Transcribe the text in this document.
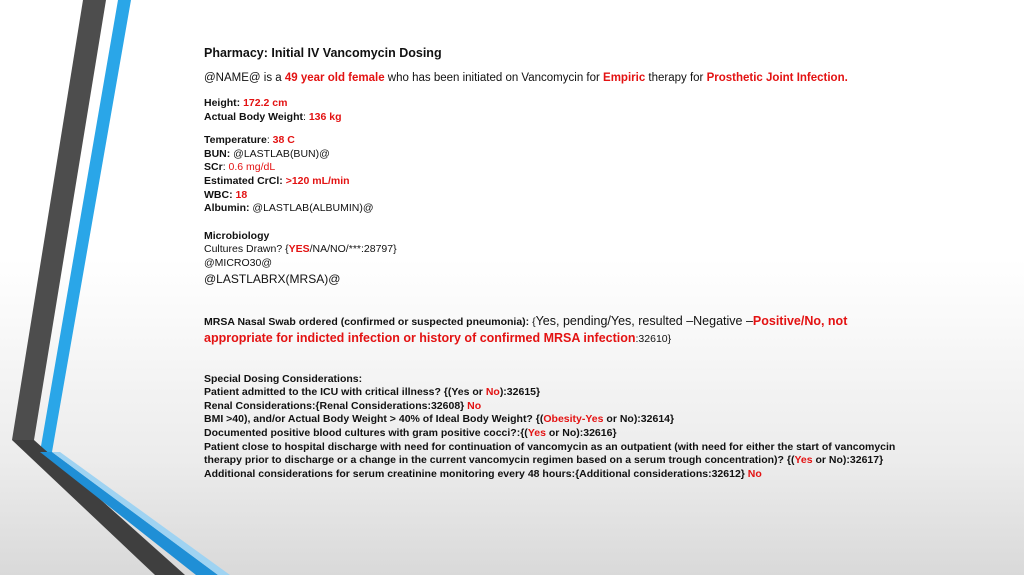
Pharmacy: Initial IV Vancomycin Dosing

@NAME@ is a 49 year old female who has been initiated on Vancomycin for Empiric therapy for Prosthetic Joint Infection.

Height: 172.2 cm

Actual Body Weight: 136 kg

Temperature: 38 C

BUN: @LASTLAB(BUN)@

SCr: 0.6 mg/dL

Estimated CrCl: >120 mL/min

WBC: 18

Albumin: @LASTLAB(ALBUMIN)@

Microbiology

Cultures Drawn? {YES/NA/NO/***:28797}

@MICRO30@

@LASTLABRX(MRSA)@

MRSA Nasal Swab ordered (confirmed or suspected pneumonia): {Yes, pending/Yes, resulted –Negative –Positive/No, not

appropriate for indicted infection or history of confirmed MRSA infection:32610}

Special Dosing Considerations:

Patient admitted to the ICU with critical illness? {(Yes or No):32615}

Renal Considerations:{Renal Considerations:32608} No

BMI >40), and/or Actual Body Weight > 40% of Ideal Body Weight? {(Obesity-Yes or No):32614}

Documented positive blood cultures with gram positive cocci?:{(Yes or No):32616}

Patient close to hospital discharge with need for continuation of vancomycin as an outpatient (with need for either the start of vancomycin

therapy prior to discharge or a change in the current vancomycin regimen based on a serum trough concentration)? {(Yes or No):32617}

Additional considerations for serum creatinine monitoring every 48 hours:{Additional considerations:32612} No
